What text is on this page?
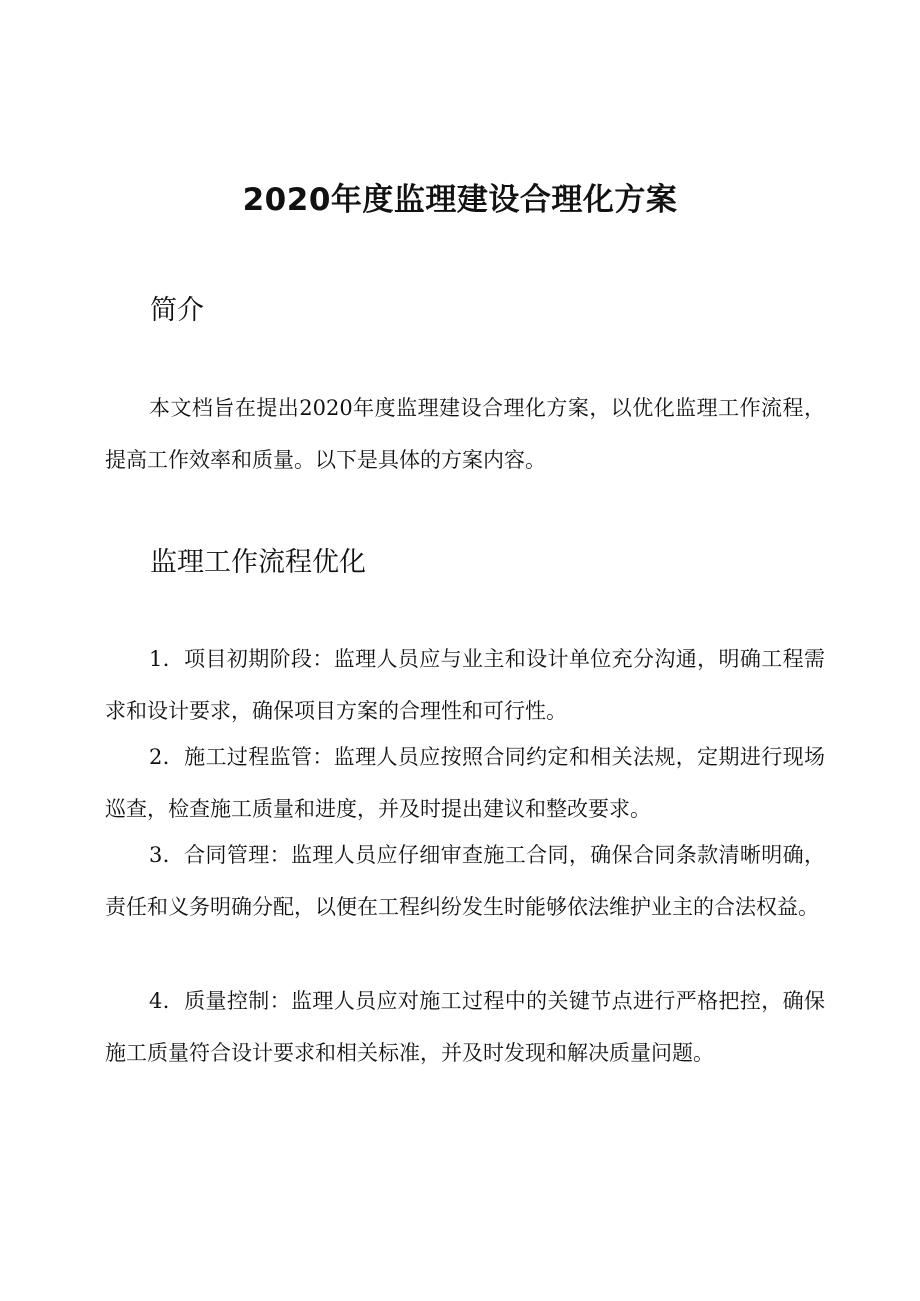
2020年度监理建设合理化方案
简介
本文档旨在提出2020年度监理建设合理化方案，以优化监理工作流程，提高工作效率和质量。以下是具体的方案内容。
监理工作流程优化
1．项目初期阶段：监理人员应与业主和设计单位充分沟通，明确工程需求和设计要求，确保项目方案的合理性和可行性。
2．施工过程监管：监理人员应按照合同约定和相关法规，定期进行现场巡查，检查施工质量和进度，并及时提出建议和整改要求。
3．合同管理：监理人员应仔细审查施工合同，确保合同条款清晰明确，责任和义务明确分配，以便在工程纠纷发生时能够依法维护业主的合法权益。
4．质量控制：监理人员应对施工过程中的关键节点进行严格把控，确保施工质量符合设计要求和相关标准，并及时发现和解决质量问题。
